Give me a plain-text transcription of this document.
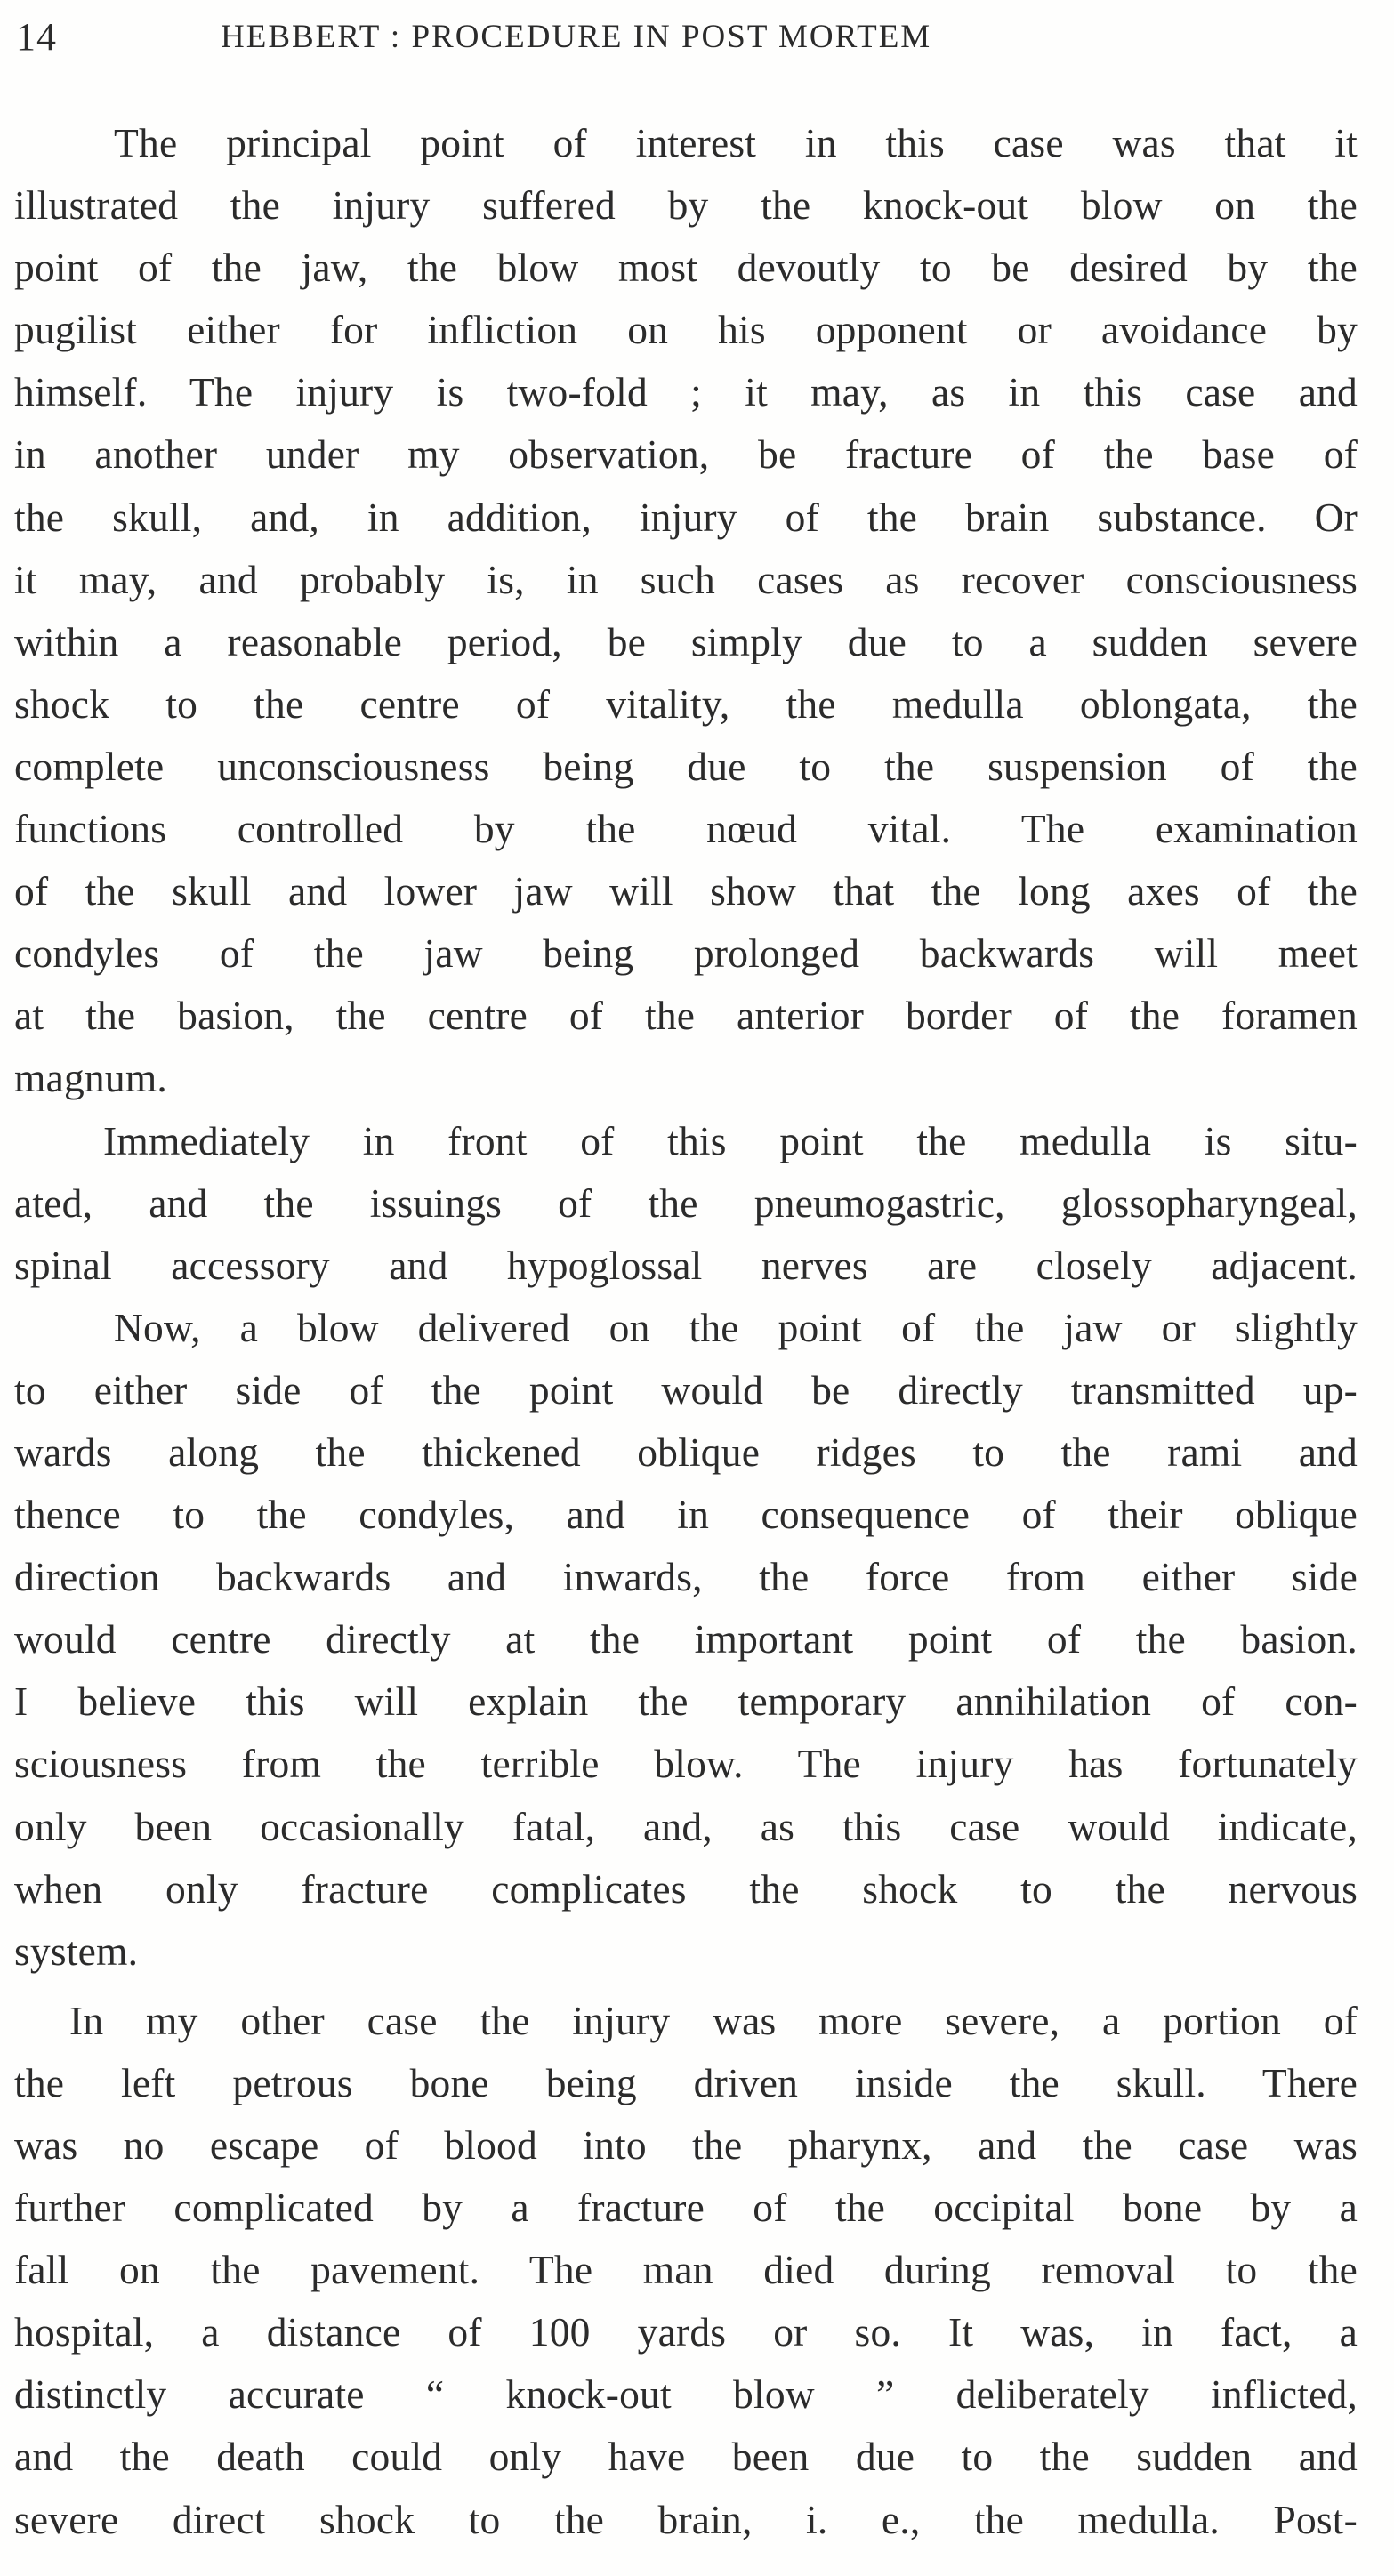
14	HEBBERT : PROCEDURE IN POST MORTEM
The principal point of interest in this case was that it
illustrated the injury suffered by the knock-out blow on the
point of the jaw, the blow most devoutly to be desired by the
pugilist either for infliction on his opponent or avoidance by
himself. The injury is two-fold ; it may, as in this case and
in another under my observation, be fracture of the base of
the skull, and, in addition, injury of the brain substance. Or
it may, and probably is, in such cases as recover consciousness
within a reasonable period, be simply due to a sudden severe
shock to the centre of vitality, the medulla oblongata, the
complete unconsciousness being due to the suspension of the
functions controlled by the nœud vital. The examination
of the skull and lower jaw will show that the long axes of the
condyles of the jaw being prolonged backwards will meet
at the basion, the centre of the anterior border of the foramen
magnum.
Immediately in front of this point the medulla is situ-
ated, and the issuings of the pneumogastric, glossopharyngeal,
spinal accessory and hypoglossal nerves are closely adjacent.
Now, a blow delivered on the point of the jaw or slightly
to either side of the point would be directly transmitted up-
wards along the thickened oblique ridges to the rami and
thence to the condyles, and in consequence of their oblique
direction backwards and inwards, the force from either side
would centre directly at the important point of the basion.
I believe this will explain the temporary annihilation of con-
sciousness from the terrible blow. The injury has fortunately
only been occasionally fatal, and, as this case would indicate,
when only fracture complicates the shock to the nervous
system.
In my other case the injury was more severe, a portion of
the left petrous bone being driven inside the skull. There
was no escape of blood into the pharynx, and the case was
further complicated by a fracture of the occipital bone by a
fall on the pavement. The man died during removal to the
hospital, a distance of 100 yards or so. It was, in fact, a
distinctly accurate “ knock-out blow ” deliberately inflicted,
and the death could only have been due to the sudden and
severe direct shock to the brain, i. e., the medulla. Post-
